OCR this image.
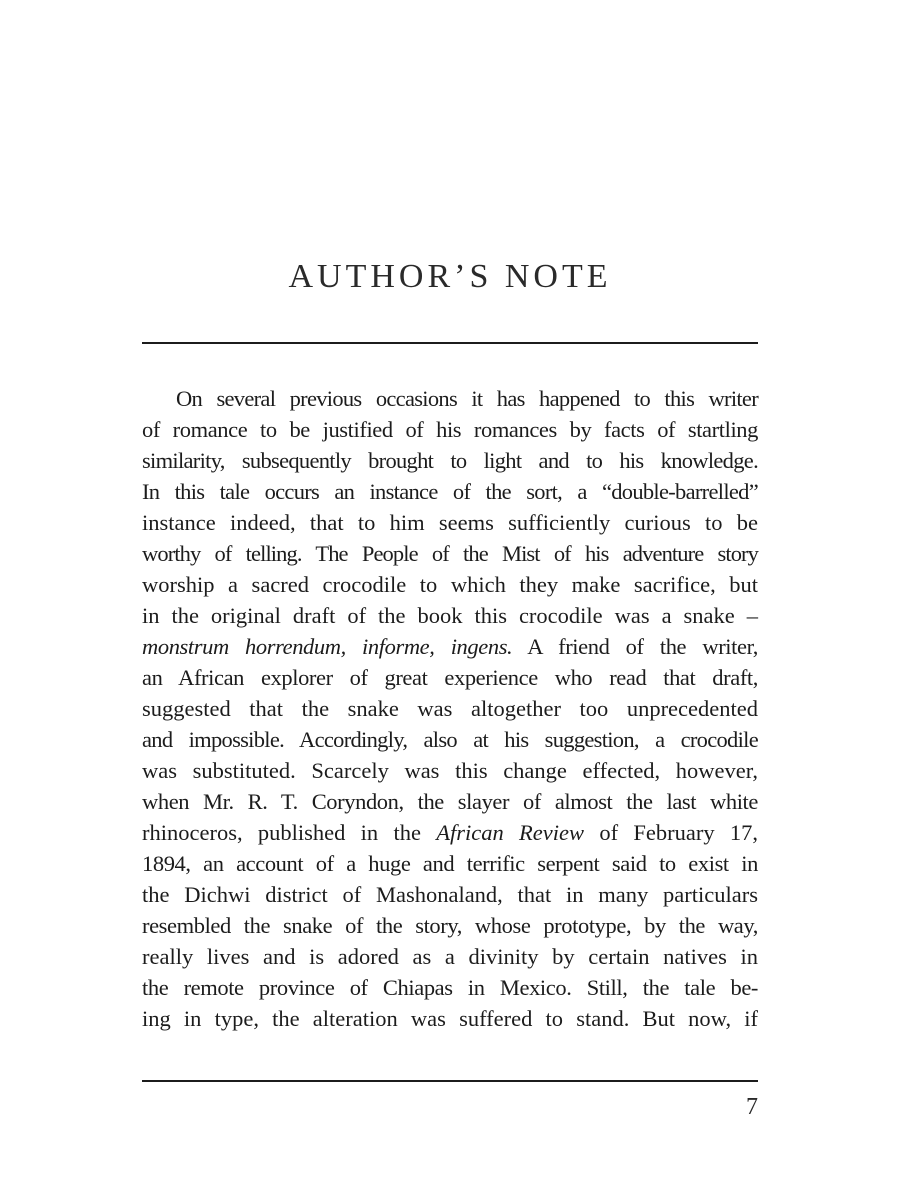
AUTHOR’S NOTE
On several previous occasions it has happened to this writer
of romance to be justified of his romances by facts of startling
similarity, subsequently brought to light and to his knowledge.
In this tale occurs an instance of the sort, a “double-barrelled”
instance indeed, that to him seems sufficiently curious to be
worthy of telling. The People of the Mist of his adventure story
worship a sacred crocodile to which they make sacrifice, but
in the original draft of the book this crocodile was a snake –
monstrum horrendum, informe, ingens. A friend of the writer,
an African explorer of great experience who read that draft,
suggested that the snake was altogether too unprecedented
and impossible. Accordingly, also at his suggestion, a crocodile
was substituted. Scarcely was this change effected, however,
when Mr. R. T. Coryndon, the slayer of almost the last white
rhinoceros, published in the African Review of February 17,
1894, an account of a huge and terrific serpent said to exist in
the Dichwi district of Mashonaland, that in many particulars
resembled the snake of the story, whose prototype, by the way,
really lives and is adored as a divinity by certain natives in
the remote province of Chiapas in Mexico. Still, the tale be-
ing in type, the alteration was suffered to stand. But now, if

7
